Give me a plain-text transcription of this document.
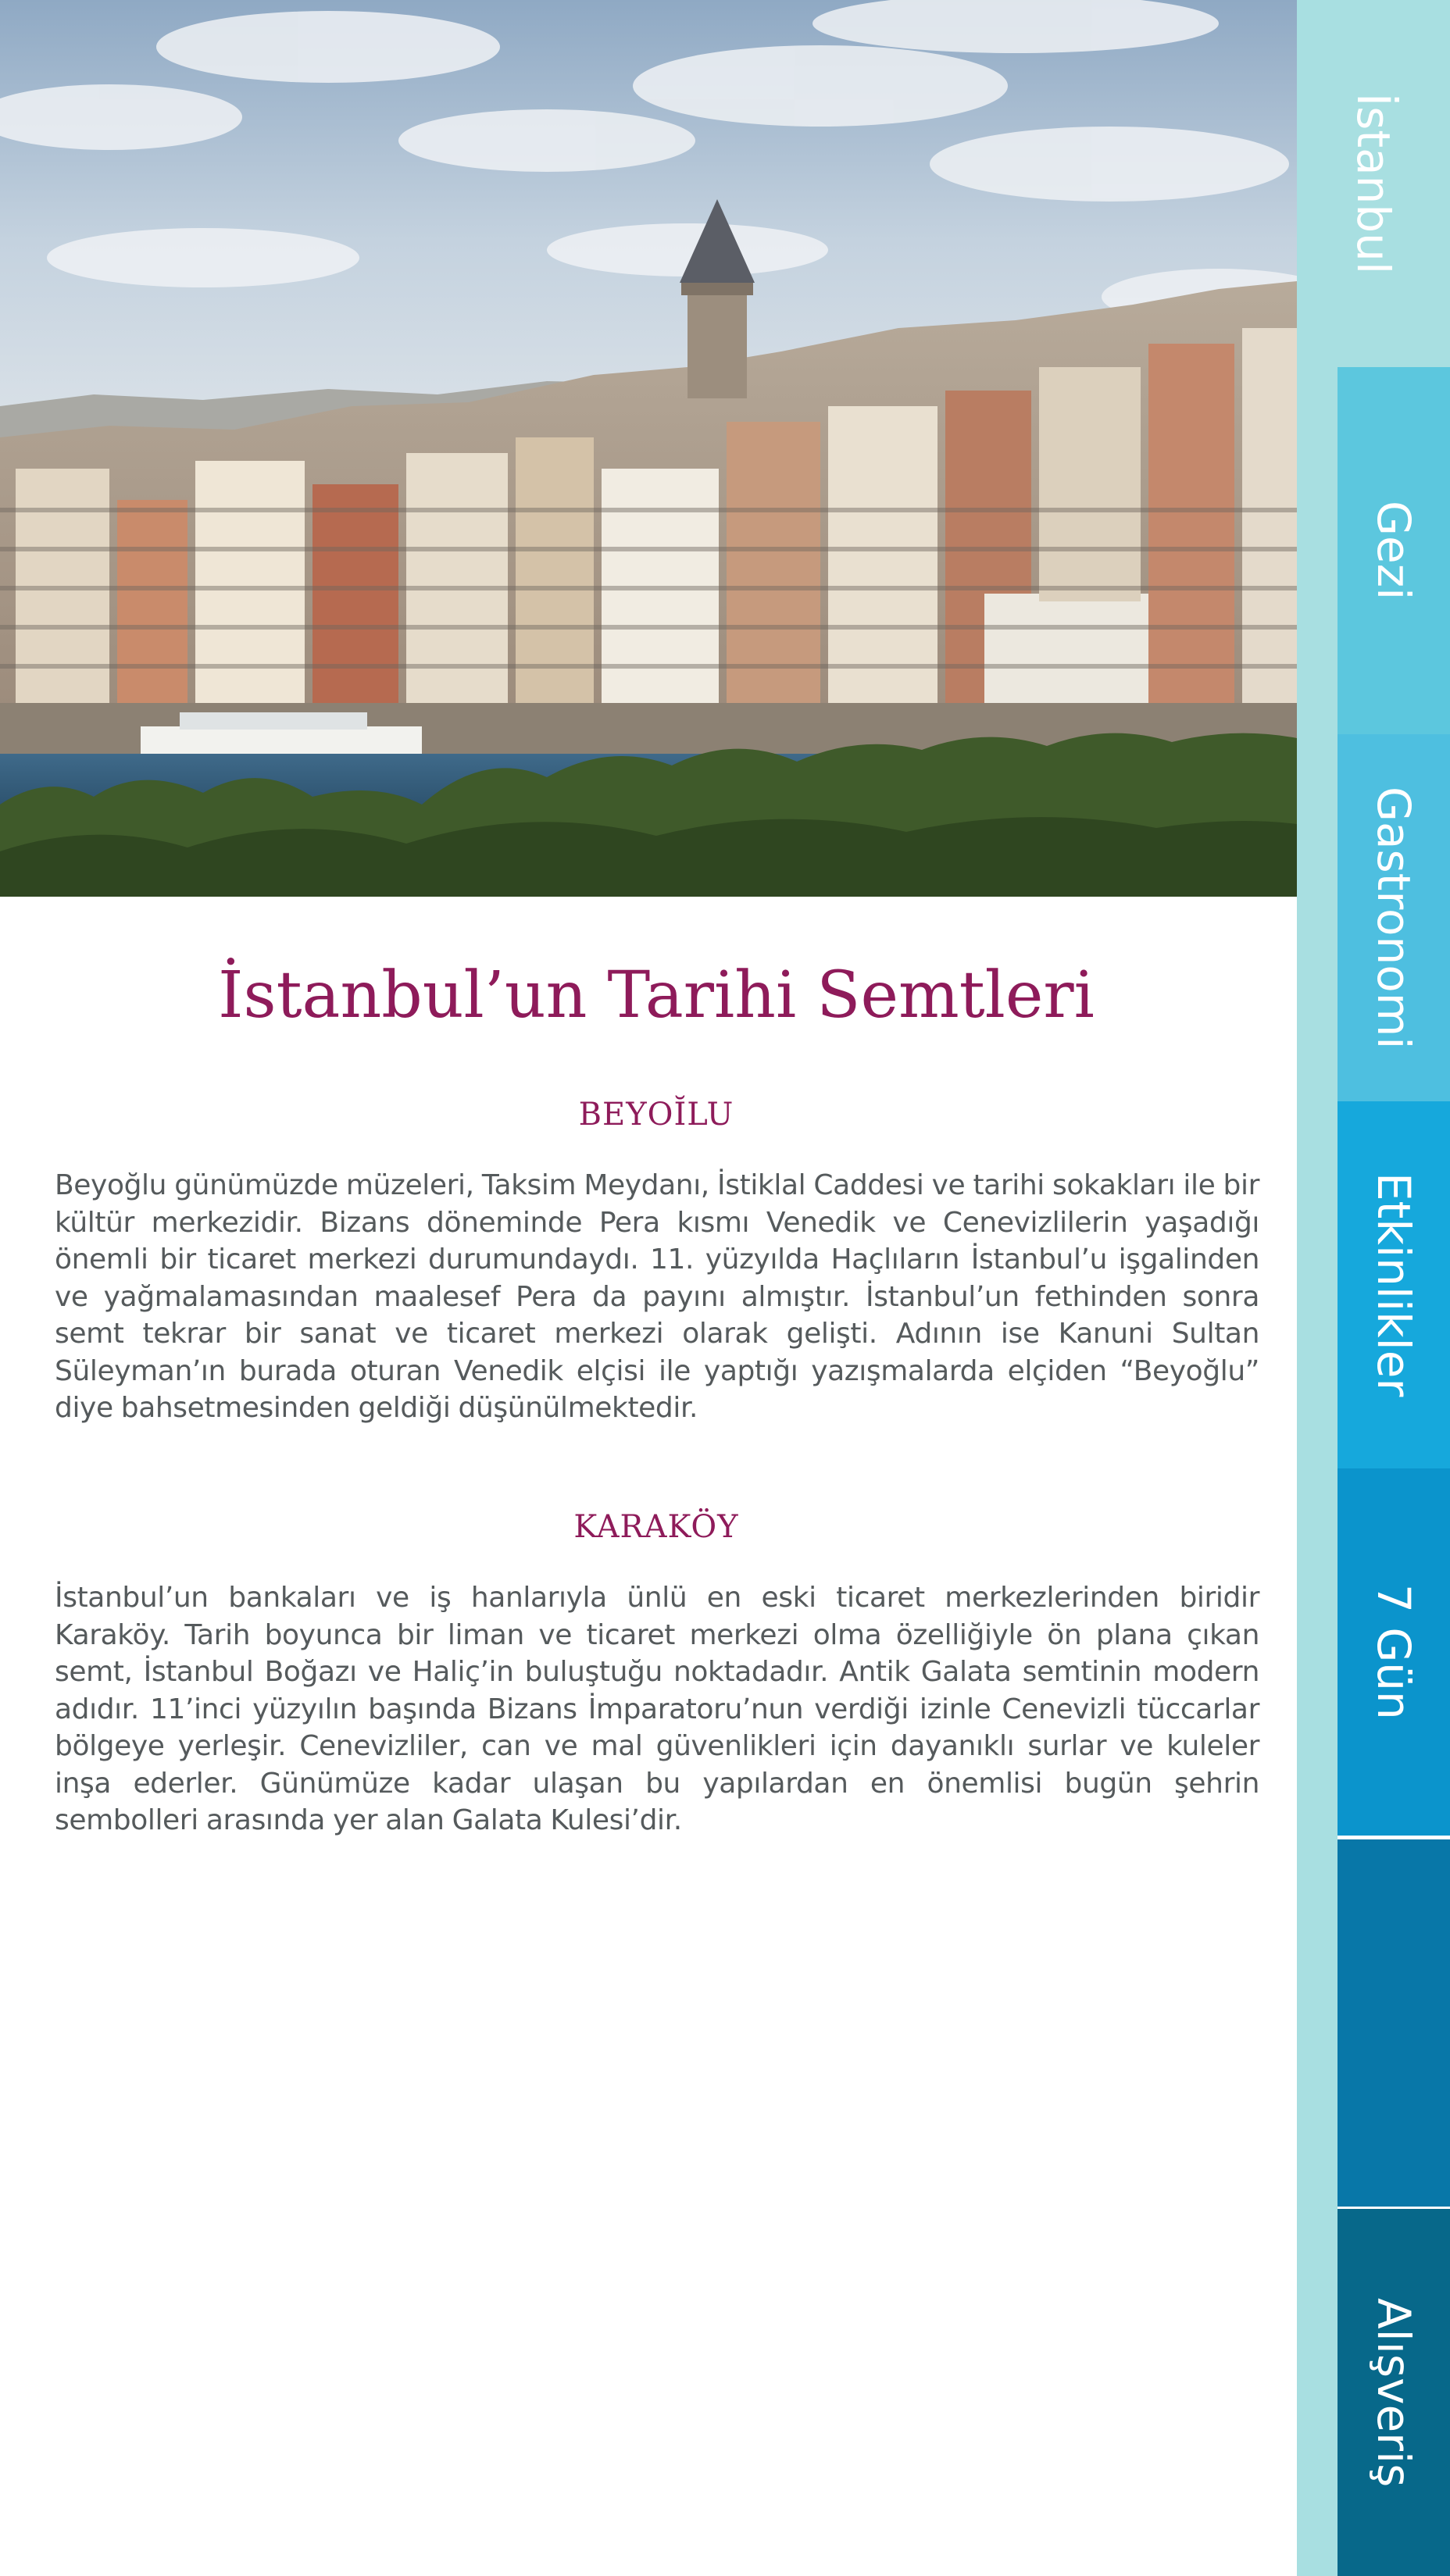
İstanbul’un Tarihi Semtleri
BEYOĬLU

Beyoğlu günümüzde müzeleri, Taksim Meydanı, İstiklal Caddesi ve tarihi sokakları ile bir kültür merkezidir. Bizans döneminde Pera kısmı Venedik ve Cenevizlilerin yaşadığı önemli bir ticaret merkezi durumundaydı. 11. yüzyılda Haçlıların İstanbul’u işgalinden ve yağmalamasından maalesef Pera da payını almıştır. İstanbul’un fethinden sonra semt tekrar bir sanat ve ticaret merkezi olarak gelişti. Adının ise Kanuni Sultan Süleyman’ın burada oturan Venedik elçisi ile yaptığı yazışmalarda elçiden “Beyoğlu” diye bahsetmesinden geldiği düşünülmektedir.

KARAKÖY

İstanbul’un bankaları ve iş hanlarıyla ünlü en eski ticaret merkezlerinden biridir Karaköy. Tarih boyunca bir liman ve ticaret merkezi olma özelliğiyle ön plana çıkan semt, İstanbul Boğazı ve Haliç’in buluştuğu noktadadır. Antik Galata semtinin modern adıdır. 11’inci yüzyılın başında Bizans İmparatoru’nun verdiği izinle Cenevizli tüccarlar bölgeye yerleşir. Cenevizliler, can ve mal güvenlikleri için dayanıklı surlar ve kuleler inşa ederler. Günümüze kadar ulaşan bu yapılardan en önemlisi bugün şehrin sembolleri arasında yer alan Galata Kulesi’dir.

İstanbul
Gezi
Gastronomi
Etkinlikler
7 Gün
Alışveriş
